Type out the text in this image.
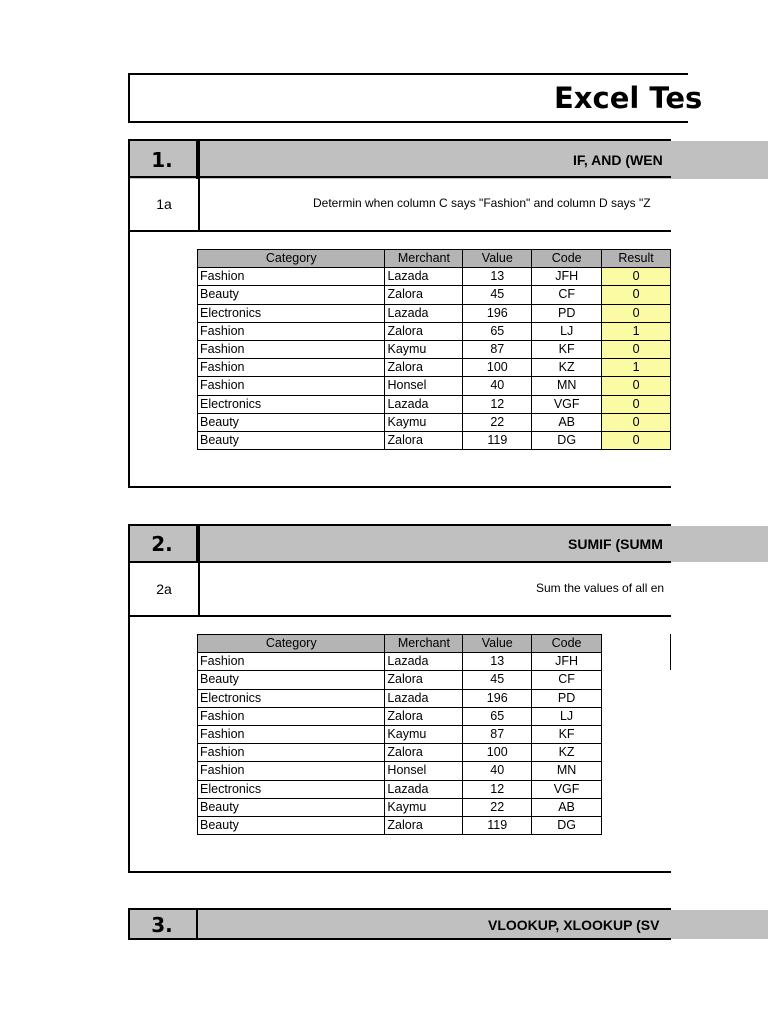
Excel Tes
1.	IF, AND (WEN
1a	Determin when column C says "Fashion" and column D says "Z
Category	Merchant	Value	Code	Result
Fashion	Lazada	13	JFH	0
Beauty	Zalora	45	CF	0
Electronics	Lazada	196	PD	0
Fashion	Zalora	65	LJ	1
Fashion	Kaymu	87	KF	0
Fashion	Zalora	100	KZ	1
Fashion	Honsel	40	MN	0
Electronics	Lazada	12	VGF	0
Beauty	Kaymu	22	AB	0
Beauty	Zalora	119	DG	0
2.	SUMIF (SUMM
2a	Sum the values of all en
Category	Merchant	Value	Code
Fashion	Lazada	13	JFH
Beauty	Zalora	45	CF
Electronics	Lazada	196	PD
Fashion	Zalora	65	LJ
Fashion	Kaymu	87	KF
Fashion	Zalora	100	KZ
Fashion	Honsel	40	MN
Electronics	Lazada	12	VGF
Beauty	Kaymu	22	AB
Beauty	Zalora	119	DG
3.	VLOOKUP, XLOOKUP (SV
